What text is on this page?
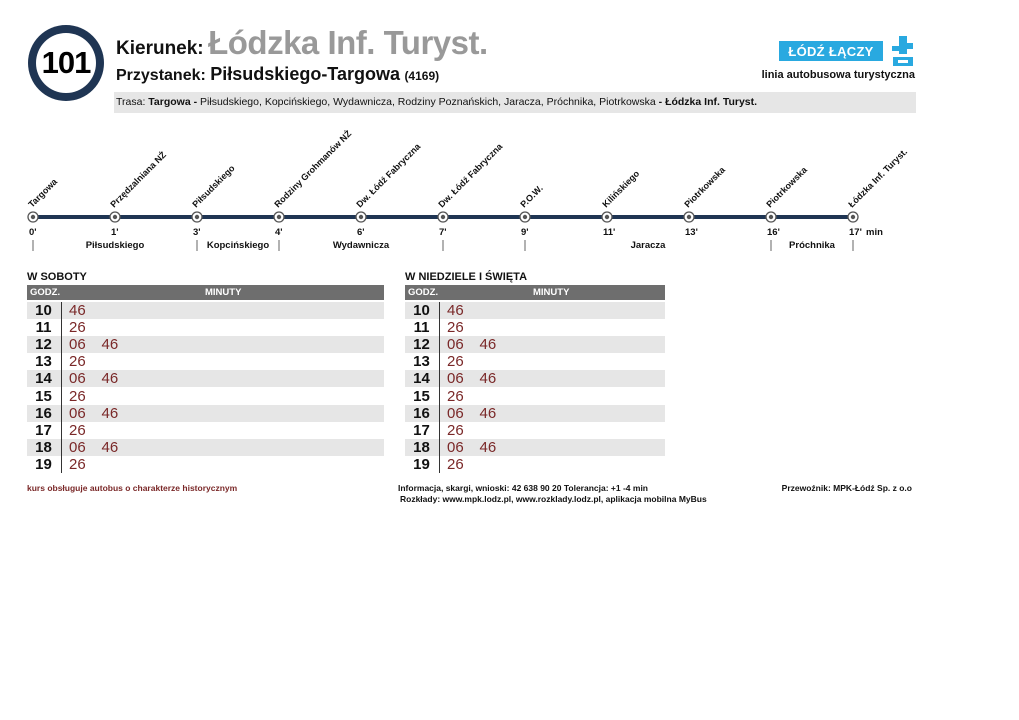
101 Kierunek: Łódzka Inf. Turyst.
Przystanek: Piłsudskiego-Targowa (4169)
ŁÓDŹ ŁĄCZY
linia autobusowa turystyczna
Trasa: Targowa - Piłsudskiego, Kopcińskiego, Wydawnicza, Rodziny Poznańskich, Jaracza, Próchnika, Piotrkowska - Łódzka Inf. Turyst.
Targowa
0'
Przędzalniana NŻ
1'
Piłsudskiego
3'
Rodziny Grohmanów NŻ
4'
Dw. Łódź Fabryczna
6'
Dw. Łódź Fabryczna
7'
P.O.W.
9'
Kilińskiego
11'
Piotrkowska
13'
Piotrkowska
16'
Łódzka Inf. Turyst.
17' min
Piłsudskiego	Kopcińskiego	Wydawnicza	Jaracza	Próchnika
W SOBOTY
GODZ.	MINUTY
10	46
11	26
12	06 46
13	26
14	06 46
15	26
16	06 46
17	26
18	06 46
19	26
W NIEDZIELE I ŚWIĘTA
GODZ.	MINUTY
10	46
11	26
12	06 46
13	26
14	06 46
15	26
16	06 46
17	26
18	06 46
19	26
kurs obsługuje autobus o charakterze historycznym	Informacja, skargi, wnioski: 42 638 90 20 Tolerancja: +1 -4 min
Rozkłady: www.mpk.lodz.pl, www.rozklady.lodz.pl, aplikacja mobilna MyBus
Przewoźnik: MPK-Łódź Sp. z o.o
